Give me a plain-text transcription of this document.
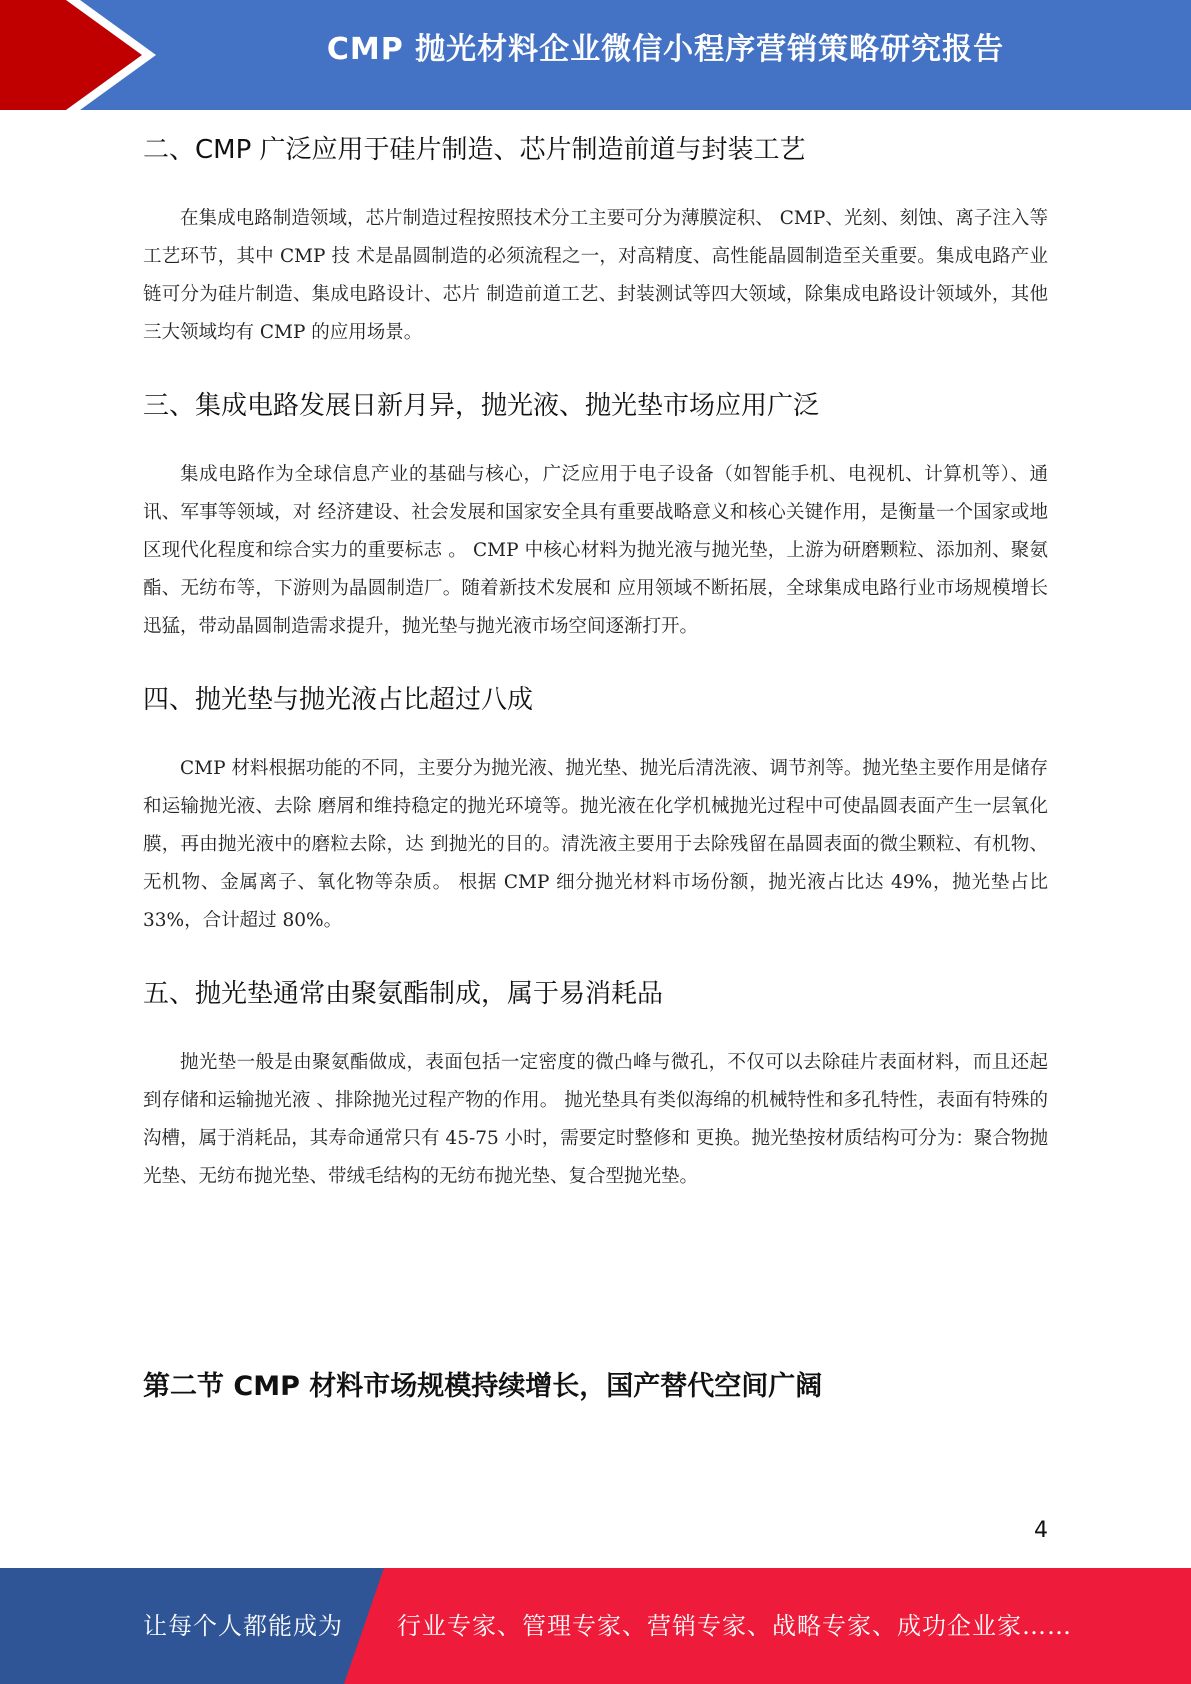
CMP 抛光材料企业微信小程序营销策略研究报告
二、CMP 广泛应用于硅片制造、芯片制造前道与封装工艺

在集成电路制造领域，芯片制造过程按照技术分工主要可分为薄膜淀积、 CMP、光刻、刻蚀、离子注入等工艺环节，其中 CMP 技 术是晶圆制造的必须流程之一，对高精度、高性能晶圆制造至关重要。集成电路产业链可分为硅片制造、集成电路设计、芯片 制造前道工艺、封装测试等四大领域，除集成电路设计领域外，其他三大领域均有 CMP 的应用场景。

三、集成电路发展日新月异，抛光液、抛光垫市场应用广泛

集成电路作为全球信息产业的基础与核心，广泛应用于电子设备（如智能手机、电视机、计算机等）、通讯、军事等领域，对 经济建设、社会发展和国家安全具有重要战略意义和核心关键作用，是衡量一个国家或地区现代化程度和综合实力的重要标志 。 CMP 中核心材料为抛光液与抛光垫，上游为研磨颗粒、添加剂、聚氨酯、无纺布等，下游则为晶圆制造厂。随着新技术发展和 应用领域不断拓展，全球集成电路行业市场规模增长迅猛，带动晶圆制造需求提升，抛光垫与抛光液市场空间逐渐打开。

四、抛光垫与抛光液占比超过八成

CMP 材料根据功能的不同，主要分为抛光液、抛光垫、抛光后清洗液、调节剂等。抛光垫主要作用是储存和运输抛光液、去除 磨屑和维持稳定的抛光环境等。抛光液在化学机械抛光过程中可使晶圆表面产生一层氧化膜，再由抛光液中的磨粒去除，达 到抛光的目的。清洗液主要用于去除残留在晶圆表面的微尘颗粒、有机物、无机物、金属离子、氧化物等杂质。 根据 CMP 细分抛光材料市场份额，抛光液占比达 49%，抛光垫占比 33%，合计超过 80%。

五、抛光垫通常由聚氨酯制成，属于易消耗品

抛光垫一般是由聚氨酯做成，表面包括一定密度的微凸峰与微孔，不仅可以去除硅片表面材料，而且还起到存储和运输抛光液 、排除抛光过程产物的作用。 抛光垫具有类似海绵的机械特性和多孔特性，表面有特殊的沟槽，属于消耗品，其寿命通常只有 45-75 小时，需要定时整修和 更换。抛光垫按材质结构可分为：聚合物抛光垫、无纺布抛光垫、带绒毛结构的无纺布抛光垫、复合型抛光垫。

第二节 CMP 材料市场规模持续增长，国产替代空间广阔
4
让每个人都能成为 行业专家、管理专家、营销专家、战略专家、成功企业家……
